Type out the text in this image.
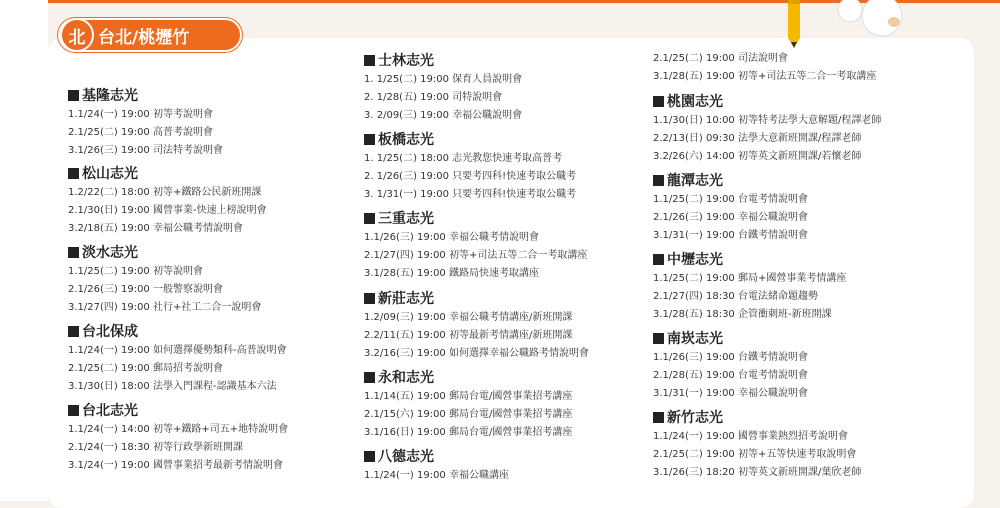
北 台北/桃壢竹
基隆志光
1.1/24(一) 19:00 初等考說明會
2.1/25(二) 19:00 高普考說明會
3.1/26(三) 19:00 司法特考說明會
松山志光
1.2/22(二) 18:00 初等+鐵路公民新班開課
2.1/30(日) 19:00 國營事業-快速上榜說明會
3.2/18(五) 19:00 幸福公職考情說明會
淡水志光
1.1/25(二) 19:00 初等說明會
2.1/26(三) 19:00 一般警察說明會
3.1/27(四) 19:00 社行+社工二合一說明會
台北保成
1.1/24(一) 19:00 如何選擇優勢類科-高普說明會
2.1/25(二) 19:00 郵局招考說明會
3.1/30(日) 18:00 法學入門課程-認識基本六法
台北志光
1.1/24(一) 14:00 初等+鐵路+司五+地特說明會
2.1/24(一) 18:30 初等行政學新班開課
3.1/24(一) 19:00 國營事業招考最新考情說明會
士林志光
1. 1/25(二) 19:00 保育人員說明會
2. 1/28(五) 19:00 司特說明會
3. 2/09(三) 19:00 幸福公職說明會
板橋志光
1. 1/25(二) 18:00 志光教您快速考取高普考
2. 1/26(三) 19:00 只要考四科!快速考取公職考
3. 1/31(一) 19:00 只要考四科!快速考取公職考
三重志光
1.1/26(三) 19:00 幸福公職考情說明會
2.1/27(四) 19:00 初等+司法五等二合一考取講座
3.1/28(五) 19:00 鐵路局快速考取講座
新莊志光
1.2/09(三) 19:00 幸福公職考情講座/新班開課
2.2/11(五) 19:00 初等最新考情講座/新班開課
3.2/16(三) 19:00 如何選擇幸福公職路考情說明會
永和志光
1.1/14(五) 19:00 郵局台電/國營事業招考講座
2.1/15(六) 19:00 郵局台電/國營事業招考講座
3.1/16(日) 19:00 郵局台電/國營事業招考講座
八德志光
1.1/24(一) 19:00 幸福公職講座
2.1/25(二) 19:00 司法說明會
3.1/28(五) 19:00 初等+司法五等二合一考取講座
桃園志光
1.1/30(日) 10:00 初等特考法學大意解題/程譯老師
2.2/13(日) 09:30 法學大意新班開課/程譯老師
3.2/26(六) 14:00 初等英文新班開課/若懷老師
龍潭志光
1.1/25(二) 19:00 台電考情說明會
2.1/26(三) 19:00 幸福公職說明會
3.1/31(一) 19:00 台鐵考情說明會
中壢志光
1.1/25(二) 19:00 郵局+國營事業考情講座
2.1/27(四) 18:30 台電法緒命題趨勢
3.1/28(五) 18:30 企管衝刺班-新班開課
南崁志光
1.1/26(三) 19:00 台鐵考情說明會
2.1/28(五) 19:00 台電考情說明會
3.1/31(一) 19:00 幸福公職說明會
新竹志光
1.1/24(一) 19:00 國營事業熱烈招考說明會
2.1/25(二) 19:00 初等+五等快速考取說明會
3.1/26(三) 18:20 初等英文新班開課/葉欣老師
